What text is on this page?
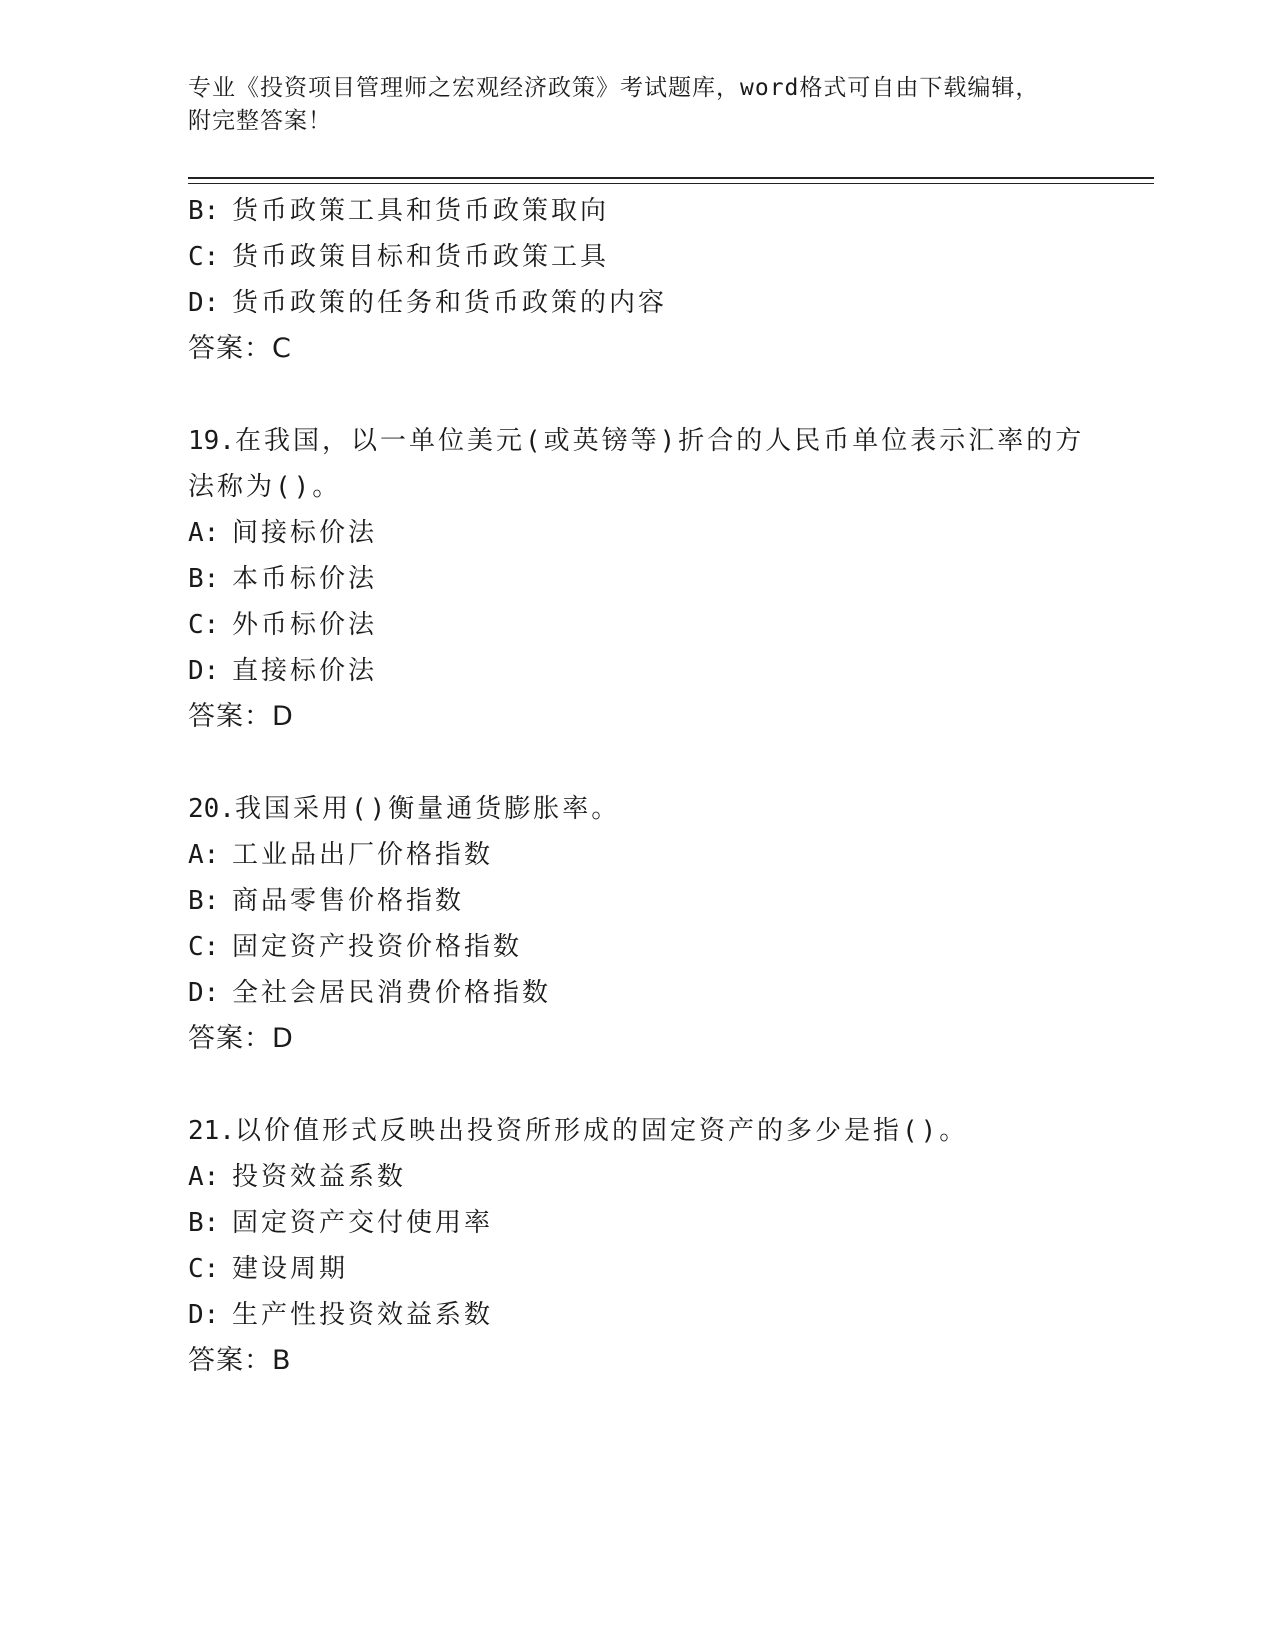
专业《投资项目管理师之宏观经济政策》考试题库，word格式可自由下载编辑，
附完整答案！
B: 货币政策工具和货币政策取向
C: 货币政策目标和货币政策工具
D: 货币政策的任务和货币政策的内容
答案：C
19.在我国，以一单位美元(或英镑等)折合的人民币单位表示汇率的方
法称为()。
A: 间接标价法
B: 本币标价法
C: 外币标价法
D: 直接标价法
答案：D
20.我国采用()衡量通货膨胀率。
A: 工业品出厂价格指数
B: 商品零售价格指数
C: 固定资产投资价格指数
D: 全社会居民消费价格指数
答案：D
21.以价值形式反映出投资所形成的固定资产的多少是指()。
A: 投资效益系数
B: 固定资产交付使用率
C: 建设周期
D: 生产性投资效益系数
答案：B
